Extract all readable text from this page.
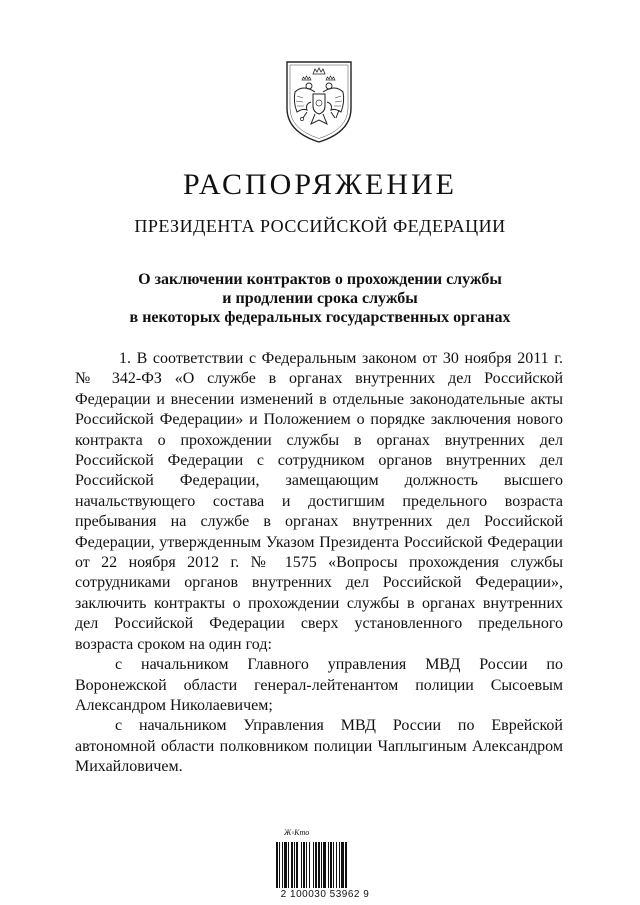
РАСПОРЯЖЕНИЕ
ПРЕЗИДЕНТА РОССИЙСКОЙ ФЕДЕРАЦИИ
О заключении контрактов о прохождении службы
и продлении срока службы
в некоторых федеральных государственных органах

1. В соответствии с Федеральным законом от 30 ноября 2011 г. № 342-ФЗ «О службе в органах внутренних дел Российской Федерации и внесении изменений в отдельные законодательные акты Российской Федерации» и Положением о порядке заключения нового контракта о прохождении службы в органах внутренних дел Российской Федерации с сотрудником органов внутренних дел Российской Федерации, замещающим должность высшего начальствующего состава и достигшим предельного возраста пребывания на службе в органах внутренних дел Российской Федерации, утвержденным Указом Президента Российской Федерации от 22 ноября 2012 г. № 1575 «Вопросы прохождения службы сотрудниками органов внутренних дел Российской Федерации», заключить контракты о прохождении службы в органах внутренних дел Российской Федерации сверх установленного предельного возраста сроком на один год:

с начальником Главного управления МВД России по Воронежской области генерал-лейтенантом полиции Сысоевым Александром Николаевичем;

с начальником Управления МВД России по Еврейской автономной области полковником полиции Чаплыгиным Александром Михайловичем.

Ж◦Кто
2 100030 53962 9
